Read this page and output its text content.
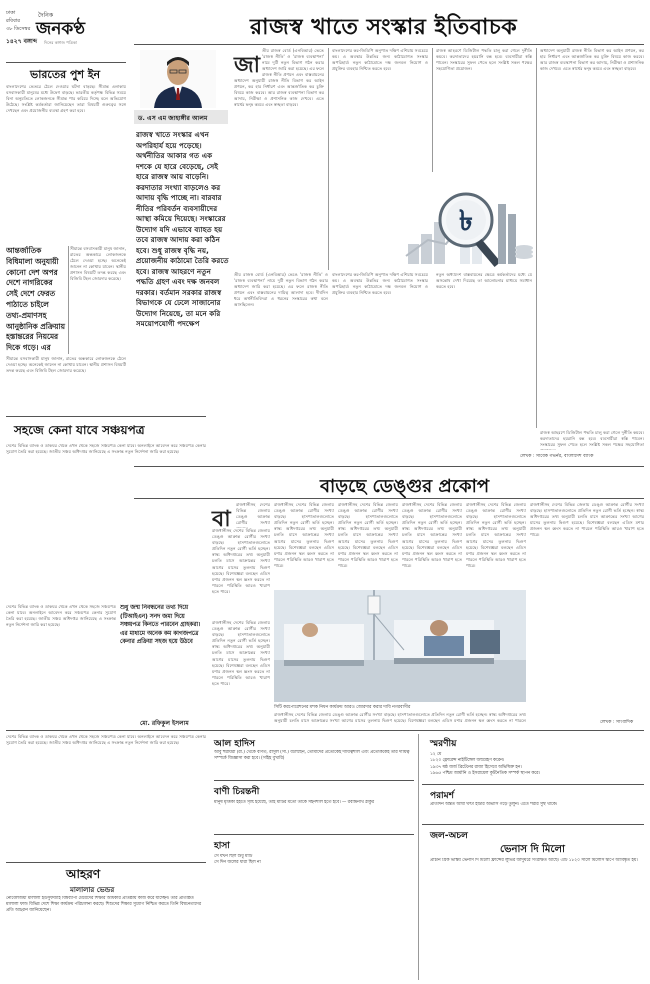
ঢাকা
রবিবার
৩৮ ডিসেম্বর
১৪২৭ বঙ্গাব্দ
দৈনিক
জনকণ্ঠ
দিনের কাগজ পত্রিকা
ভারতের পুশ ইন
বাংলাদেশের ভেতরে ঠেলে দেওয়ার ঘটনা বাড়ছে। সীমান্ত এলাকায় বসবাসকারী মানুষের মধ্যে উদ্বেগ বাড়ছে। ভারতীয় কর্তৃপক্ষ বিভিন্ন সময়ে বিনা অনুমতিতে লোকজনকে সীমান্ত পার করিয়ে দিচ্ছে বলে অভিযোগ উঠেছে। সংশ্লিষ্ট কর্মকর্তারা জানিয়েছেন তারা বিষয়টি গুরুত্বের সঙ্গে দেখছেন এবং প্রয়োজনীয় ব্যবস্থা গ্রহণ করা হবে।
আন্তর্জাতিক বিধিমালা অনুযায়ী কোনো দেশ অপর দেশে নাগরিকের সেই দেশে ফেরত পাঠাতে চাইলে তথ্য-প্রমাণসহ আনুষ্ঠানিক প্রক্রিয়ায় হস্তান্তরের নিয়মের দিকে গড়ে। এর
সীমান্তে বসবাসকারী মানুষ জানান, রাতের অন্ধকারে লোকজনকে ঠেলে দেওয়া হচ্ছে। অনেকেই জানেন না কোথায় যাবেন। স্থানীয় প্রশাসন বিষয়টি তদন্ত করছে এবং বিজিবি টহল জোরদার করেছে।
সীমান্তে বসবাসকারী মানুষ জানান, রাতের অন্ধকারে লোকজনকে ঠেলে দেওয়া হচ্ছে। অনেকেই জানেন না কোথায় যাবেন। স্থানীয় প্রশাসন বিষয়টি তদন্ত করছে এবং বিজিবি টহল জোরদার করেছে।
সহজে কেনা যাবে সঞ্চয়পত্র
দেশের বিভিন্ন ব্যাংক ও ডাকঘর থেকে এখন থেকে সহজে সঞ্চয়পত্র কেনা যাবে। অনলাইনে আবেদন করে সঞ্চয়পত্র কেনার সুযোগ তৈরি করা হয়েছে। জাতীয় সঞ্চয় অধিদপ্তর জানিয়েছে এ সংক্রান্ত নতুন নির্দেশনা জারি করা হয়েছে।
শুধু জন্ম নিবন্ধনের তথ্য দিয়ে (টিআইএন) সনদ জমা দিয়ে সঞ্চয়পত্র কিনতে পারবেন গ্রাহকরা। এর মাধ্যমে অনেক কম কাগজপত্রে কেনার প্রক্রিয়া সহজ হয়ে উঠবে
দেশের বিভিন্ন ব্যাংক ও ডাকঘর থেকে এখন থেকে সহজে সঞ্চয়পত্র কেনা যাবে। অনলাইনে আবেদন করে সঞ্চয়পত্র কেনার সুযোগ তৈরি করা হয়েছে। জাতীয় সঞ্চয় অধিদপ্তর জানিয়েছে এ সংক্রান্ত নতুন নির্দেশনা জারি করা হয়েছে।
মো. রফিকুল ইসলাম
রাজস্ব খাতে সংস্কার ইতিবাচক
ড. এস এম জাহাঙ্গীর আলম
রাজস্ব খাতে সংস্কার এখন অপরিহার্য হয়ে পড়েছে। অর্থনীতির আকার গত এক দশকে যে হারে বেড়েছে, সেই হারে রাজস্ব আয় বাড়েনি। করদাতার সংখ্যা বাড়লেও কর আদায় বৃদ্ধি পাচ্ছে না। বারবার নীতির পরিবর্তন ব্যবসায়ীদের আস্থা কমিয়ে দিয়েছে। সংস্কারের উদ্যোগ যদি এভাবে ব্যাহত হয় তবে রাজস্ব আদায় করা কঠিন হবে। শুধু রাজস্ব বৃদ্ধি নয়, প্রয়োজনীয় কাঠামো তৈরি করতে হবে। রাজস্ব আহরণে নতুন পদ্ধতি গ্রহণ এবং দক্ষ জনবল দরকার। বর্তমান সরকার রাজস্ব বিভাগকে যে ঢেলে সাজানোর উদ্যোগ নিয়েছে, তা মনে করি সময়োপযোগী পদক্ষেপ
জা
তীয় রাজস্ব বোর্ড (এনবিআর) ভেঙে 'রাজস্ব নীতি' ও 'রাজস্ব ব্যবস্থাপনা' নামে দুটি নতুন বিভাগ গঠন করার অধ্যাদেশ জারি করা হয়েছে। এর ফলে রাজস্ব নীতি প্রণয়ন এবং বাস্তবায়নের
অধ্যাদেশ অনুযায়ী রাজস্ব নীতি বিভাগ কর আইন প্রণয়ন, কর হার নির্ধারণ এবং আন্তর্জাতিক কর চুক্তি বিষয়ে কাজ করবে। আর রাজস্ব ব্যবস্থাপনা বিভাগ কর আদায়, নিরীক্ষা ও প্রশাসনিক কাজ দেখবে। এতে স্বার্থের দ্বন্দ্ব কমবে এবং স্বচ্ছতা বাড়বে।
বাংলাদেশের কর-জিডিপি অনুপাত দক্ষিণ এশিয়ায় সবচেয়ে কম। এ অবস্থার উন্নতির জন্য কাঠামোগত সংস্কার অপরিহার্য। নতুন কাঠামোতে দক্ষ জনবল নিয়োগ ও প্রযুক্তির ব্যবহার নিশ্চিত করতে হবে।
রাজস্ব আহরণে ডিজিটাল পদ্ধতি চালু করা গেলে দুর্নীতি কমবে। করদাতাদের হয়রানি বন্ধ হবে। ব্যবসায়ীরা স্বস্তি পাবেন। সংস্কারের সুফল পেতে হলে সংশ্লিষ্ট সকল পক্ষের সহযোগিতা প্রয়োজন।
অধ্যাদেশ অনুযায়ী রাজস্ব নীতি বিভাগ কর আইন প্রণয়ন, কর হার নির্ধারণ এবং আন্তর্জাতিক কর চুক্তি বিষয়ে কাজ করবে। আর রাজস্ব ব্যবস্থাপনা বিভাগ কর আদায়, নিরীক্ষা ও প্রশাসনিক কাজ দেখবে। এতে স্বার্থের দ্বন্দ্ব কমবে এবং স্বচ্ছতা বাড়বে।
৳
তীয় রাজস্ব বোর্ড (এনবিআর) ভেঙে 'রাজস্ব নীতি' ও 'রাজস্ব ব্যবস্থাপনা' নামে দুটি নতুন বিভাগ গঠন করার অধ্যাদেশ জারি করা হয়েছে। এর ফলে রাজস্ব নীতি প্রণয়ন এবং বাস্তবায়নের দায়িত্ব আলাদা হবে। দীর্ঘদিন ধরে অর্থনীতিবিদরা এ ধরনের সংস্কারের কথা বলে আসছিলেন।
বাংলাদেশের কর-জিডিপি অনুপাত দক্ষিণ এশিয়ায় সবচেয়ে কম। এ অবস্থার উন্নতির জন্য কাঠামোগত সংস্কার অপরিহার্য। নতুন কাঠামোতে দক্ষ জনবল নিয়োগ ও প্রযুক্তির ব্যবহার নিশ্চিত করতে হবে।
নতুন অধ্যাদেশ বাস্তবায়নের ক্ষেত্রে কর্মকর্তাদের মধ্যে যে অসন্তোষ দেখা দিয়েছে তা আলোচনার মাধ্যমে সমাধান করতে হবে।
রাজস্ব আহরণে ডিজিটাল পদ্ধতি চালু করা গেলে দুর্নীতি কমবে। করদাতাদের হয়রানি বন্ধ হবে। ব্যবসায়ীরা স্বস্তি পাবেন। সংস্কারের সুফল পেতে হলে সংশ্লিষ্ট সকল পক্ষের সহযোগিতা
লেখক : সাবেক গভর্নর, বাংলাদেশ ব্যাংক
বাড়ছে ডেঙ্গুর প্রকোপ
বা
রাজধানীসহ দেশের বিভিন্ন জেলায় ডেঙ্গু আক্রান্ত রোগীর সংখ্যা বাড়ছে। হাসপাতালগুলোতে প্রতিদিন নতুন রোগী ভর্তি হচ্ছেন। স্বাস্থ্য অধিদপ্তরের তথ্য অনুযায়ী চলতি মাসে আক্রান্তের সংখ্যা আগের মাসের তুলনায় দ্বিগুণ হয়েছে। বিশেষজ্ঞরা বলছেন এডিস মশার প্রজনন স্থল ধ্বংস করতে না পারলে পরিস্থিতি আরও খারাপ হতে পারে।
রাজধানীসহ দেশের বিভিন্ন জেলায় ডেঙ্গু আক্রান্ত রোগীর সংখ্যা
রাজধানীসহ দেশের বিভিন্ন জেলায় ডেঙ্গু আক্রান্ত রোগীর সংখ্যা বাড়ছে। হাসপাতালগুলোতে প্রতিদিন নতুন রোগী ভর্তি হচ্ছেন। স্বাস্থ্য অধিদপ্তরের তথ্য অনুযায়ী চলতি মাসে আক্রান্তের সংখ্যা আগের মাসের তুলনায় দ্বিগুণ হয়েছে। বিশেষজ্ঞরা বলছেন এডিস মশার প্রজনন স্থল ধ্বংস করতে না পারলে পরিস্থিতি আরও খারাপ হতে পারে।
রাজধানীসহ দেশের বিভিন্ন জেলায় ডেঙ্গু আক্রান্ত রোগীর সংখ্যা বাড়ছে। হাসপাতালগুলোতে প্রতিদিন নতুন রোগী ভর্তি হচ্ছেন। স্বাস্থ্য অধিদপ্তরের তথ্য অনুযায়ী চলতি মাসে আক্রান্তের সংখ্যা আগের মাসের তুলনায় দ্বিগুণ হয়েছে। বিশেষজ্ঞরা বলছেন এডিস মশার প্রজনন স্থল ধ্বংস করতে না পারলে পরিস্থিতি আরও খারাপ হতে পারে।
রাজধানীসহ দেশের বিভিন্ন জেলায় ডেঙ্গু আক্রান্ত রোগীর সংখ্যা বাড়ছে। হাসপাতালগুলোতে প্রতিদিন নতুন রোগী ভর্তি হচ্ছেন। স্বাস্থ্য অধিদপ্তরের তথ্য অনুযায়ী চলতি মাসে আক্রান্তের সংখ্যা আগের মাসের তুলনায় দ্বিগুণ হয়েছে। বিশেষজ্ঞরা বলছেন এডিস মশার প্রজনন স্থল ধ্বংস করতে না পারলে পরিস্থিতি আরও খারাপ হতে পারে।
রাজধানীসহ দেশের বিভিন্ন জেলায় ডেঙ্গু আক্রান্ত রোগীর সংখ্যা বাড়ছে। হাসপাতালগুলোতে প্রতিদিন নতুন রোগী ভর্তি হচ্ছেন। স্বাস্থ্য অধিদপ্তরের তথ্য অনুযায়ী চলতি মাসে আক্রান্তের সংখ্যা আগের মাসের তুলনায় দ্বিগুণ হয়েছে। বিশেষজ্ঞরা বলছেন এডিস মশার প্রজনন স্থল ধ্বংস করতে না পারলে পরিস্থিতি আরও খারাপ হতে পারে।
রাজধানীসহ দেশের বিভিন্ন জেলায় ডেঙ্গু আক্রান্ত রোগীর সংখ্যা বাড়ছে। হাসপাতালগুলোতে প্রতিদিন নতুন রোগী ভর্তি হচ্ছেন। স্বাস্থ্য অধিদপ্তরের তথ্য অনুযায়ী চলতি মাসে আক্রান্তের সংখ্যা আগের মাসের তুলনায় দ্বিগুণ হয়েছে। বিশেষজ্ঞরা বলছেন এডিস মশার প্রজনন স্থল ধ্বংস করতে না পারলে পরিস্থিতি আরও খারাপ হতে পারে।
রাজধানীসহ দেশের বিভিন্ন জেলায় ডেঙ্গু আক্রান্ত রোগীর সংখ্যা বাড়ছে। হাসপাতালগুলোতে প্রতিদিন নতুন রোগী ভর্তি হচ্ছেন। স্বাস্থ্য অধিদপ্তরের তথ্য অনুযায়ী চলতি মাসে আক্রান্তের সংখ্যা আগের মাসের তুলনায় দ্বিগুণ হয়েছে। বিশেষজ্ঞরা বলছেন এডিস মশার প্রজনন স্থল ধ্বংস করতে না পারলে পরিস্থিতি আরও খারাপ হতে পারে।
সিটি করপোরেশনের মশক নিধন কার্যক্রম আরও জোরদার করার দাবি নগরবাসীর
রাজধানীসহ দেশের বিভিন্ন জেলায় ডেঙ্গু আক্রান্ত রোগীর সংখ্যা বাড়ছে। হাসপাতালগুলোতে প্রতিদিন নতুন রোগী ভর্তি হচ্ছেন। স্বাস্থ্য অধিদপ্তরের তথ্য অনুযায়ী চলতি মাসে আক্রান্তের সংখ্যা আগের মাসের তুলনায় দ্বিগুণ হয়েছে। বিশেষজ্ঞরা বলছেন এডিস মশার প্রজনন স্থল ধ্বংস করতে না পারলে	লেখক : সাংবাদিক
দেশের বিভিন্ন ব্যাংক ও ডাকঘর থেকে এখন থেকে সহজে সঞ্চয়পত্র কেনা যাবে। অনলাইনে আবেদন করে সঞ্চয়পত্র কেনার সুযোগ তৈরি করা হয়েছে। জাতীয় সঞ্চয় অধিদপ্তর জানিয়েছে এ সংক্রান্ত নতুন নির্দেশনা জারি করা হয়েছে।	আল হাদিস
আবু হুরায়রা (রা.) থেকে বর্ণিত, রাসুল (সা.) বলেছেন, তোমাদের প্রত্যেকেই দায়িত্বশীল এবং প্রত্যেককেই তার দায়িত্ব সম্পর্কে জিজ্ঞাসা করা হবে। (সহিহ বুখারি)
বাণী চিরন্তনী
মানুষ মৃত্তিকা হইতে সৃষ্টি হয়েছে, তাই মাটির মতো তাকে সহনশীল হতে হবে। — রবীন্দ্রনাথ ঠাকুর
হাসা
সে যখন ছিল শুধু মাটি
সে দিন জলের ধারা ছিল না
স্মরণীয়
১২ মে
১৮২০ ফ্লোরেন্স নাইটিঙ্গেল জন্মগ্রহণ করেন।
১৯৩৭ ষষ্ঠ জর্জ ব্রিটেনের রাজা হিসেবে অভিষিক্ত হন।
১৯৬৫ পশ্চিম জার্মানি ও ইসরায়েল কূটনৈতিক সম্পর্ক স্থাপন করে।
পরামর্শ
প্রতিদিন অন্তত আধা ঘণ্টা হাঁটার অভ্যাস গড়ে তুলুন। এতে শরীর সুস্থ থাকে।
জল-অচল
ভেনাস দি মিলো
প্রাচীন গ্রিক ভাস্কর্য ভেনাস দি মিলো ফ্রান্সের ল্যুভর জাদুঘরে সংরক্ষিত আছে। এটি ১৮২০ সালে মিলোস দ্বীপে আবিষ্কৃত হয়।
আহরণ
মালালার ভেন্ডর
নোবেলজয়ী মালালা ইউসুফজাই বিশ্বব্যাপী মেয়েদের শিক্ষার অধিকার প্রতিষ্ঠায় কাজ করে যাচ্ছেন। তার প্রতিষ্ঠিত মালালা ফান্ড বিভিন্ন দেশে শিক্ষা কার্যক্রম পরিচালনা করছে। শিশুদের শিক্ষার সুযোগ নিশ্চিত করতে তিনি বিশ্বনেতাদের প্রতি আহ্বান জানিয়েছেন।
